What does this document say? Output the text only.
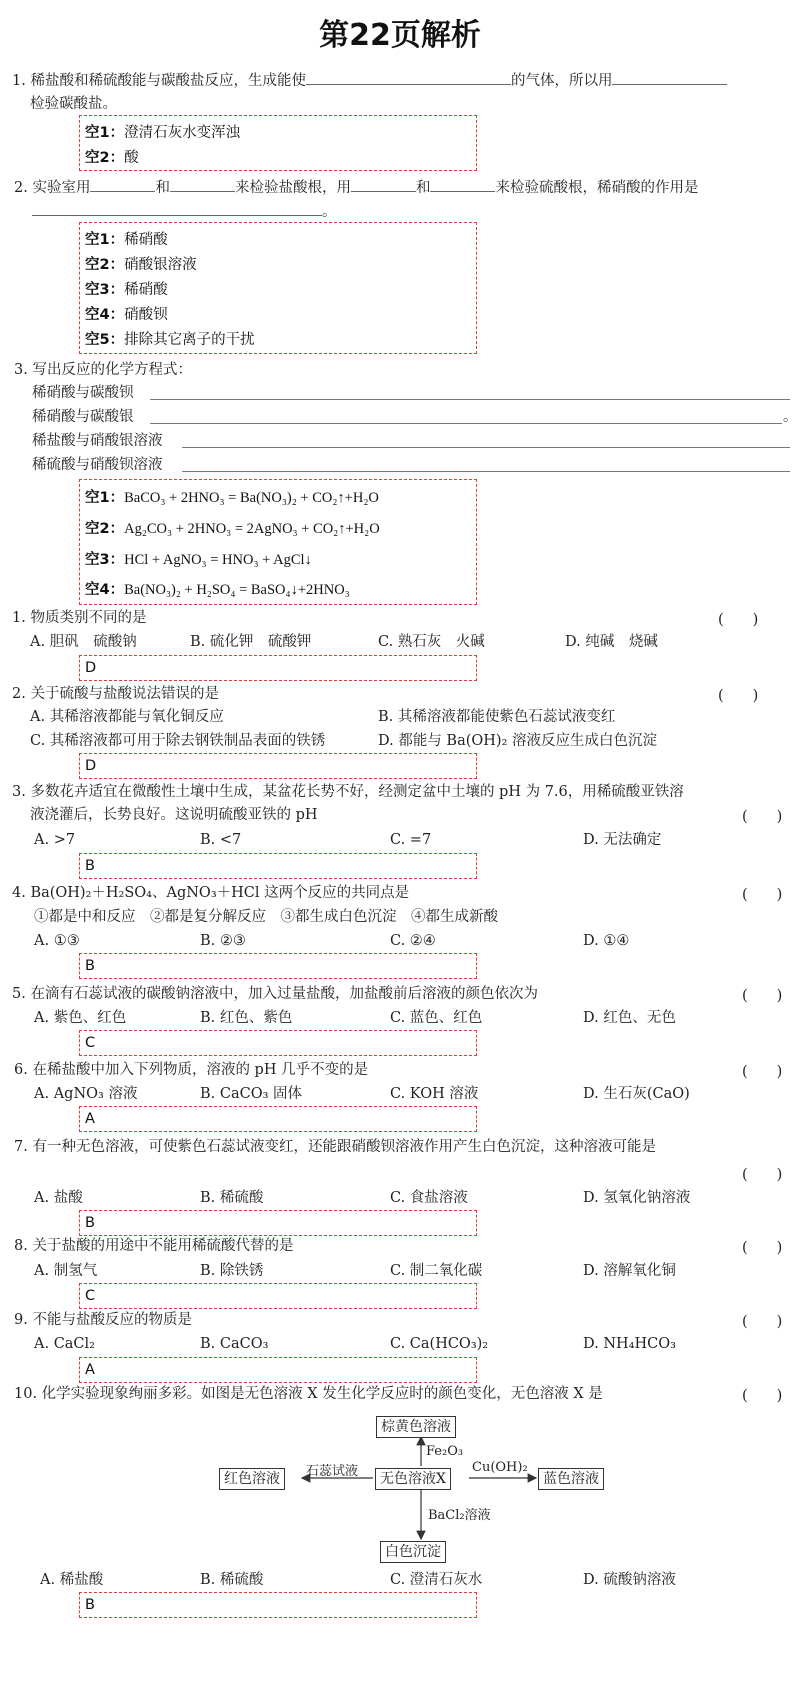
第22页解析
1. 稀盐酸和稀硫酸能与碳酸盐反应，生成能使	的气体，所以用
检验碳酸盐。
空1：澄清石灰水变浑浊
空2：酸
2. 实验室用	和	来检验盐酸根，用	和	来检验硫酸根，稀硝酸的作用是
。
空1：稀硝酸
空2：硝酸银溶液
空3：稀硝酸
空4：硝酸钡
空5：排除其它离子的干扰
3. 写出反应的化学方程式：
稀硝酸与碳酸钡
稀硝酸与碳酸银	。
稀盐酸与硝酸银溶液
稀硫酸与硝酸钡溶液
空1：BaCO₃ + 2HNO₃ = Ba(NO₃)₂ + CO₂↑+H₂O
空2：Ag₂CO₃ + 2HNO₃ = 2AgNO₃ + CO₂↑+H₂O
空3：HCl + AgNO₃ = HNO₃ + AgCl↓
空4：Ba(NO₃)₂ + H₂SO₄ = BaSO₄↓+2HNO₃
1. 物质类别不同的是	(　　)
A. 胆矾　硫酸钠	B. 硫化钾　硫酸钾	C. 熟石灰　火碱	D. 纯碱　烧碱
D
2. 关于硫酸与盐酸说法错误的是	(　　)
A. 其稀溶液都能与氧化铜反应	B. 其稀溶液都能使紫色石蕊试液变红
C. 其稀溶液都可用于除去钢铁制品表面的铁锈	D. 都能与 Ba(OH)₂ 溶液反应生成白色沉淀
D
3. 多数花卉适宜在微酸性土壤中生成，某盆花长势不好，经测定盆中土壤的 pH 为 7.6，用稀硫酸亚铁溶
液浇灌后，长势良好。这说明硫酸亚铁的 pH	(　　)
A. >7	B. <7	C. =7	D. 无法确定
B
4. Ba(OH)₂＋H₂SO₄、AgNO₃＋HCl 这两个反应的共同点是	(　　)
①都是中和反应　②都是复分解反应　③都生成白色沉淀　④都生成新酸
A. ①③	B. ②③	C. ②④	D. ①④
B
5. 在滴有石蕊试液的碳酸钠溶液中，加入过量盐酸，加盐酸前后溶液的颜色依次为	(　　)
A. 紫色、红色	B. 红色、紫色	C. 蓝色、红色	D. 红色、无色
C
6. 在稀盐酸中加入下列物质，溶液的 pH 几乎不变的是	(　　)
A. AgNO₃ 溶液	B. CaCO₃ 固体	C. KOH 溶液	D. 生石灰(CaO)
A
7. 有一种无色溶液，可使紫色石蕊试液变红，还能跟硝酸钡溶液作用产生白色沉淀，这种溶液可能是
(　　)
A. 盐酸	B. 稀硫酸	C. 食盐溶液	D. 氢氧化钠溶液
B
8. 关于盐酸的用途中不能用稀硫酸代替的是	(　　)
A. 制氢气	B. 除铁锈	C. 制二氧化碳	D. 溶解氧化铜
C
9. 不能与盐酸反应的物质是	(　　)
A. CaCl₂	B. CaCO₃	C. Ca(HCO₃)₂	D. NH₄HCO₃
A
10. 化学实验现象绚丽多彩。如图是无色溶液 X 发生化学反应时的颜色变化，无色溶液 X 是	(　　)
棕黄色溶液
无色溶液X
红色溶液	蓝色溶液
白色沉淀
Fe₂O₃
石蕊试液	Cu(OH)₂
BaCl₂溶液
A. 稀盐酸	B. 稀硫酸	C. 澄清石灰水	D. 硫酸钠溶液
B
